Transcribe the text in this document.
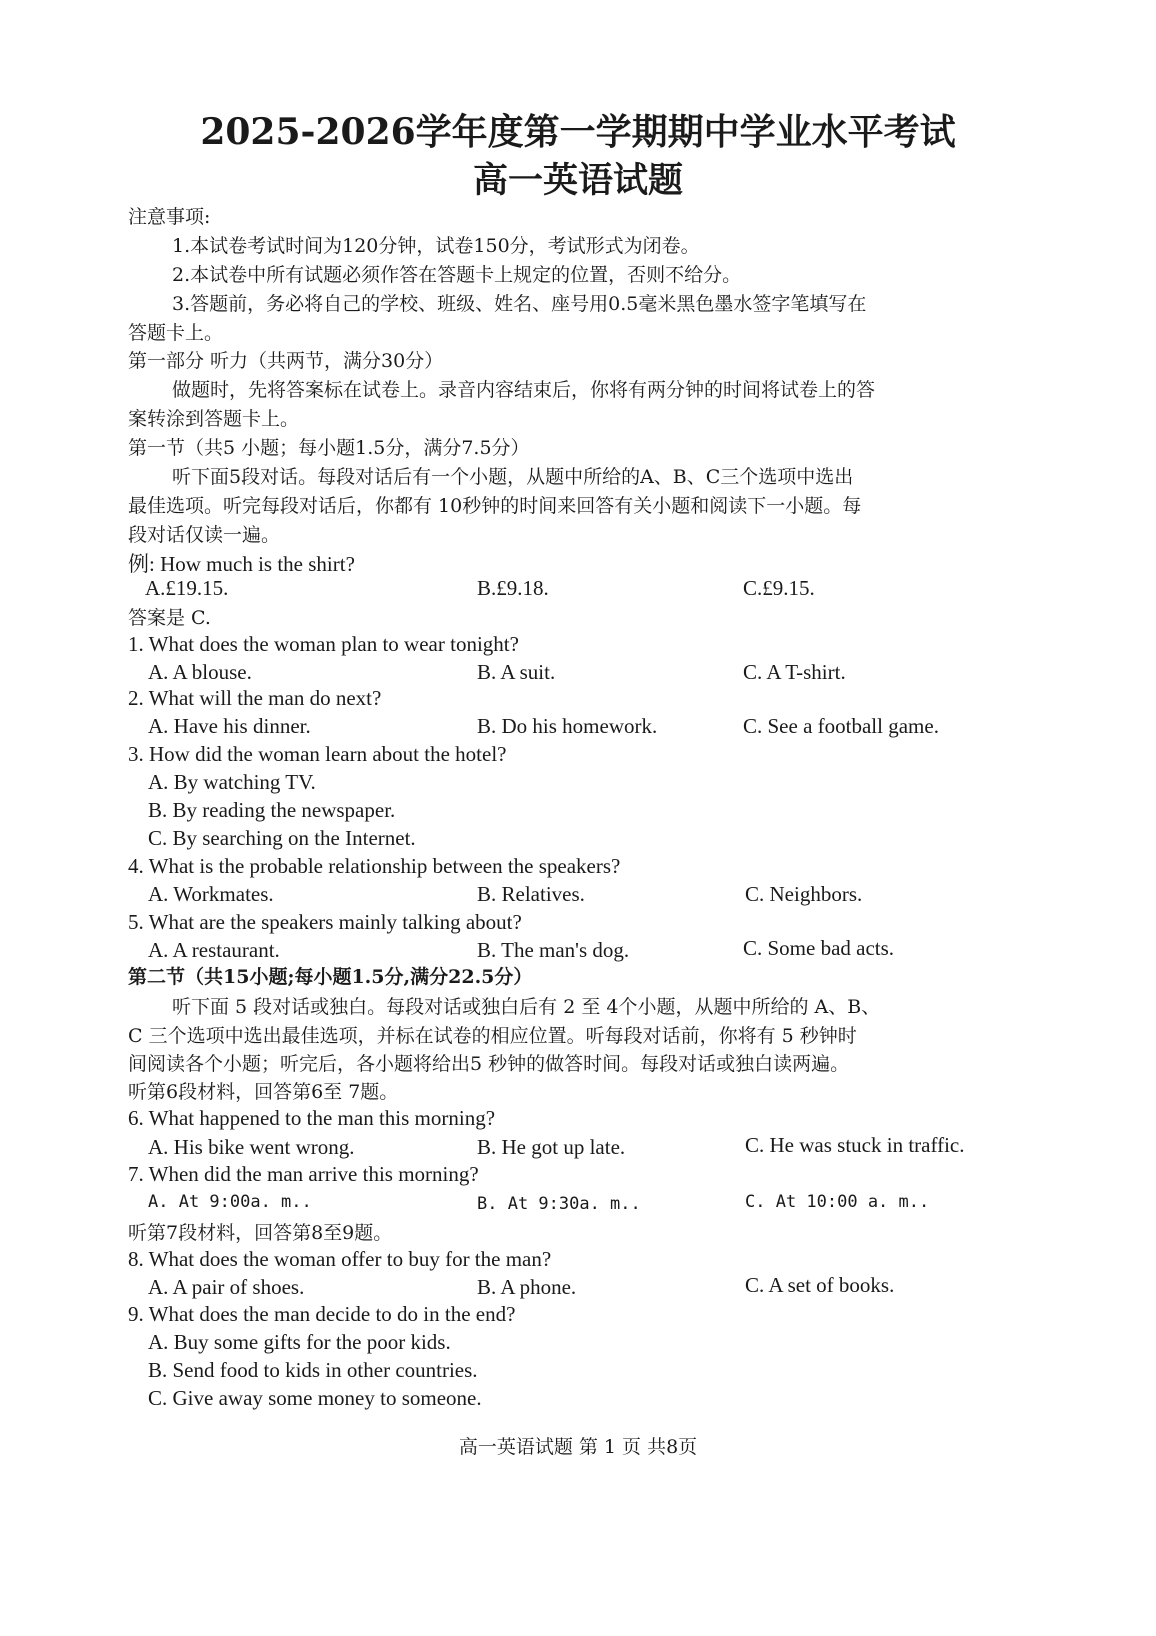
2025-2026学年度第一学期期中学业水平考试
高一英语试题
注意事项:
1.本试卷考试时间为120分钟，试卷150分，考试形式为闭卷。
2.本试卷中所有试题必须作答在答题卡上规定的位置，否则不给分。
3.答题前，务必将自己的学校、班级、姓名、座号用0.5毫米黑色墨水签字笔填写在
答题卡上。
第一部分 听力（共两节，满分30分）
做题时，先将答案标在试卷上。录音内容结束后，你将有两分钟的时间将试卷上的答
案转涂到答题卡上。
第一节（共5 小题；每小题1.5分，满分7.5分）
听下面5段对话。每段对话后有一个小题，从题中所给的A、B、C三个选项中选出
最佳选项。听完每段对话后，你都有 10秒钟的时间来回答有关小题和阅读下一小题。每
段对话仅读一遍。
例: How much is the shirt?
A.£19.15.	B.£9.18.	C.£9.15.
答案是 C.
1. What does the woman plan to wear tonight?
A. A blouse.	B. A suit.	C. A T-shirt.
2. What will the man do next?
A. Have his dinner.	B. Do his homework.	C. See a football game.
3. How did the woman learn about the hotel?
A. By watching TV.
B. By reading the newspaper.
C. By searching on the Internet.
4. What is the probable relationship between the speakers?
A. Workmates.	B. Relatives.	C. Neighbors.
5. What are the speakers mainly talking about?
A. A restaurant.	B. The man's dog.	C. Some bad acts.
第二节（共15小题;每小题1.5分,满分22.5分）
听下面 5 段对话或独白。每段对话或独白后有 2 至 4个小题，从题中所给的 A、B、
C 三个选项中选出最佳选项，并标在试卷的相应位置。听每段对话前，你将有 5 秒钟时
间阅读各个小题；听完后，各小题将给出5 秒钟的做答时间。每段对话或独白读两遍。
听第6段材料，回答第6至 7题。
6. What happened to the man this morning?
A. His bike went wrong.	B. He got up late.	C. He was stuck in traffic.
7. When did the man arrive this morning?
A. At 9:00a. m..	B. At 9:30a. m..	C. At 10:00 a. m..
听第7段材料，回答第8至9题。
8. What does the woman offer to buy for the man?
A. A pair of shoes.	B. A phone.	C. A set of books.
9. What does the man decide to do in the end?
A. Buy some gifts for the poor kids.
B. Send food to kids in other countries.
C. Give away some money to someone.
高一英语试题 第 1 页 共8页
